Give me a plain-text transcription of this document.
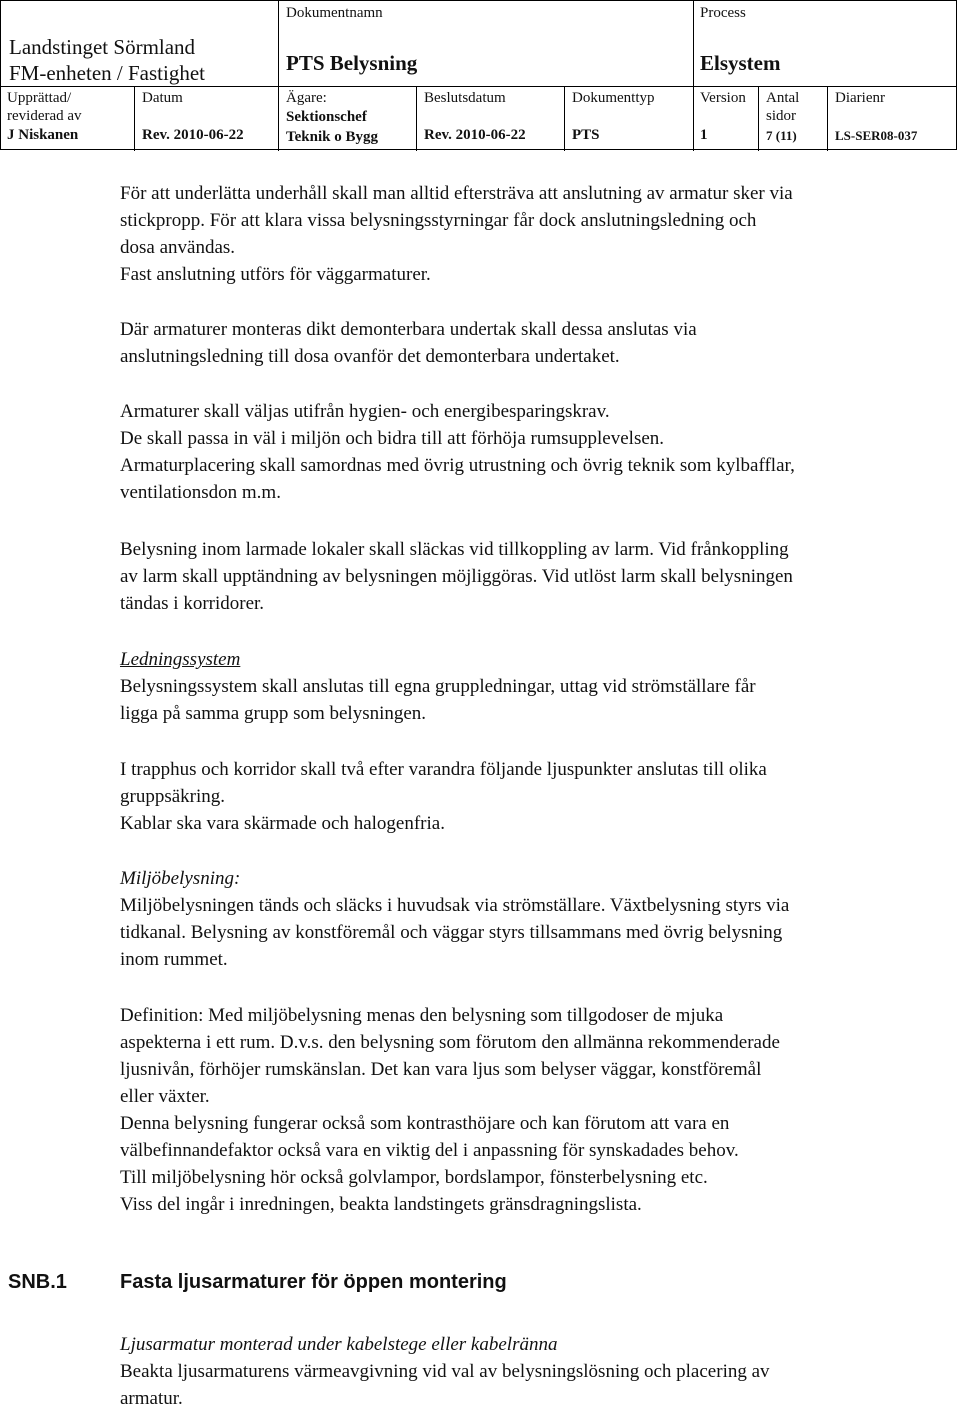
Landstinget Sörmland
FM-enheten / Fastighet
Dokumentnamn
PTS Belysning
Process
Elsystem
Upprättad/
reviderad av
J Niskanen
Datum
Rev. 2010-06-22
Ägare:
Sektionschef
Teknik o Bygg
Beslutsdatum
Rev. 2010-06-22
Dokumenttyp
PTS
Version
1
Antal
sidor
7 (11)
Diarienr
LS-SER08-037
För att underlätta underhåll skall man alltid eftersträva att anslutning av armatur sker via
stickpropp. För att klara vissa belysningsstyrningar får dock anslutningsledning och
dosa användas.
Fast anslutning utförs för väggarmaturer.
Där armaturer monteras dikt demonterbara undertak skall dessa anslutas via
anslutningsledning till dosa ovanför det demonterbara undertaket.
Armaturer skall väljas utifrån hygien- och energibesparingskrav.
De skall passa in väl i miljön och bidra till att förhöja rumsupplevelsen.
Armaturplacering skall samordnas med övrig utrustning och övrig teknik som kylbafflar,
ventilationsdon m.m.
Belysning inom larmade lokaler skall släckas vid tillkoppling av larm. Vid frånkoppling
av larm skall upptändning av belysningen möjliggöras. Vid utlöst larm skall belysningen
tändas i korridorer.
Ledningssystem
Belysningssystem skall anslutas till egna gruppledningar, uttag vid strömställare får
ligga på samma grupp som belysningen.
I trapphus och korridor skall två efter varandra följande ljuspunkter anslutas till olika
gruppsäkring.
Kablar ska vara skärmade och halogenfria.
Miljöbelysning:
Miljöbelysningen tänds och släcks i huvudsak via strömställare. Växtbelysning styrs via
tidkanal. Belysning av konstföremål och väggar styrs tillsammans med övrig belysning
inom rummet.
Definition: Med miljöbelysning menas den belysning som tillgodoser de mjuka
aspekterna i ett rum. D.v.s. den belysning som förutom den allmänna rekommenderade
ljusnivån, förhöjer rumskänslan. Det kan vara ljus som belyser väggar, konstföremål
eller växter.
Denna belysning fungerar också som kontrasthöjare och kan förutom att vara en
välbefinnandefaktor också vara en viktig del i anpassning för synskadades behov.
Till miljöbelysning hör också golvlampor, bordslampor, fönsterbelysning etc.
Viss del ingår i inredningen, beakta landstingets gränsdragningslista.
SNB.1	Fasta ljusarmaturer för öppen montering
Ljusarmatur monterad under kabelstege eller kabelränna
Beakta ljusarmaturens värmeavgivning vid val av belysningslösning och placering av
armatur.
